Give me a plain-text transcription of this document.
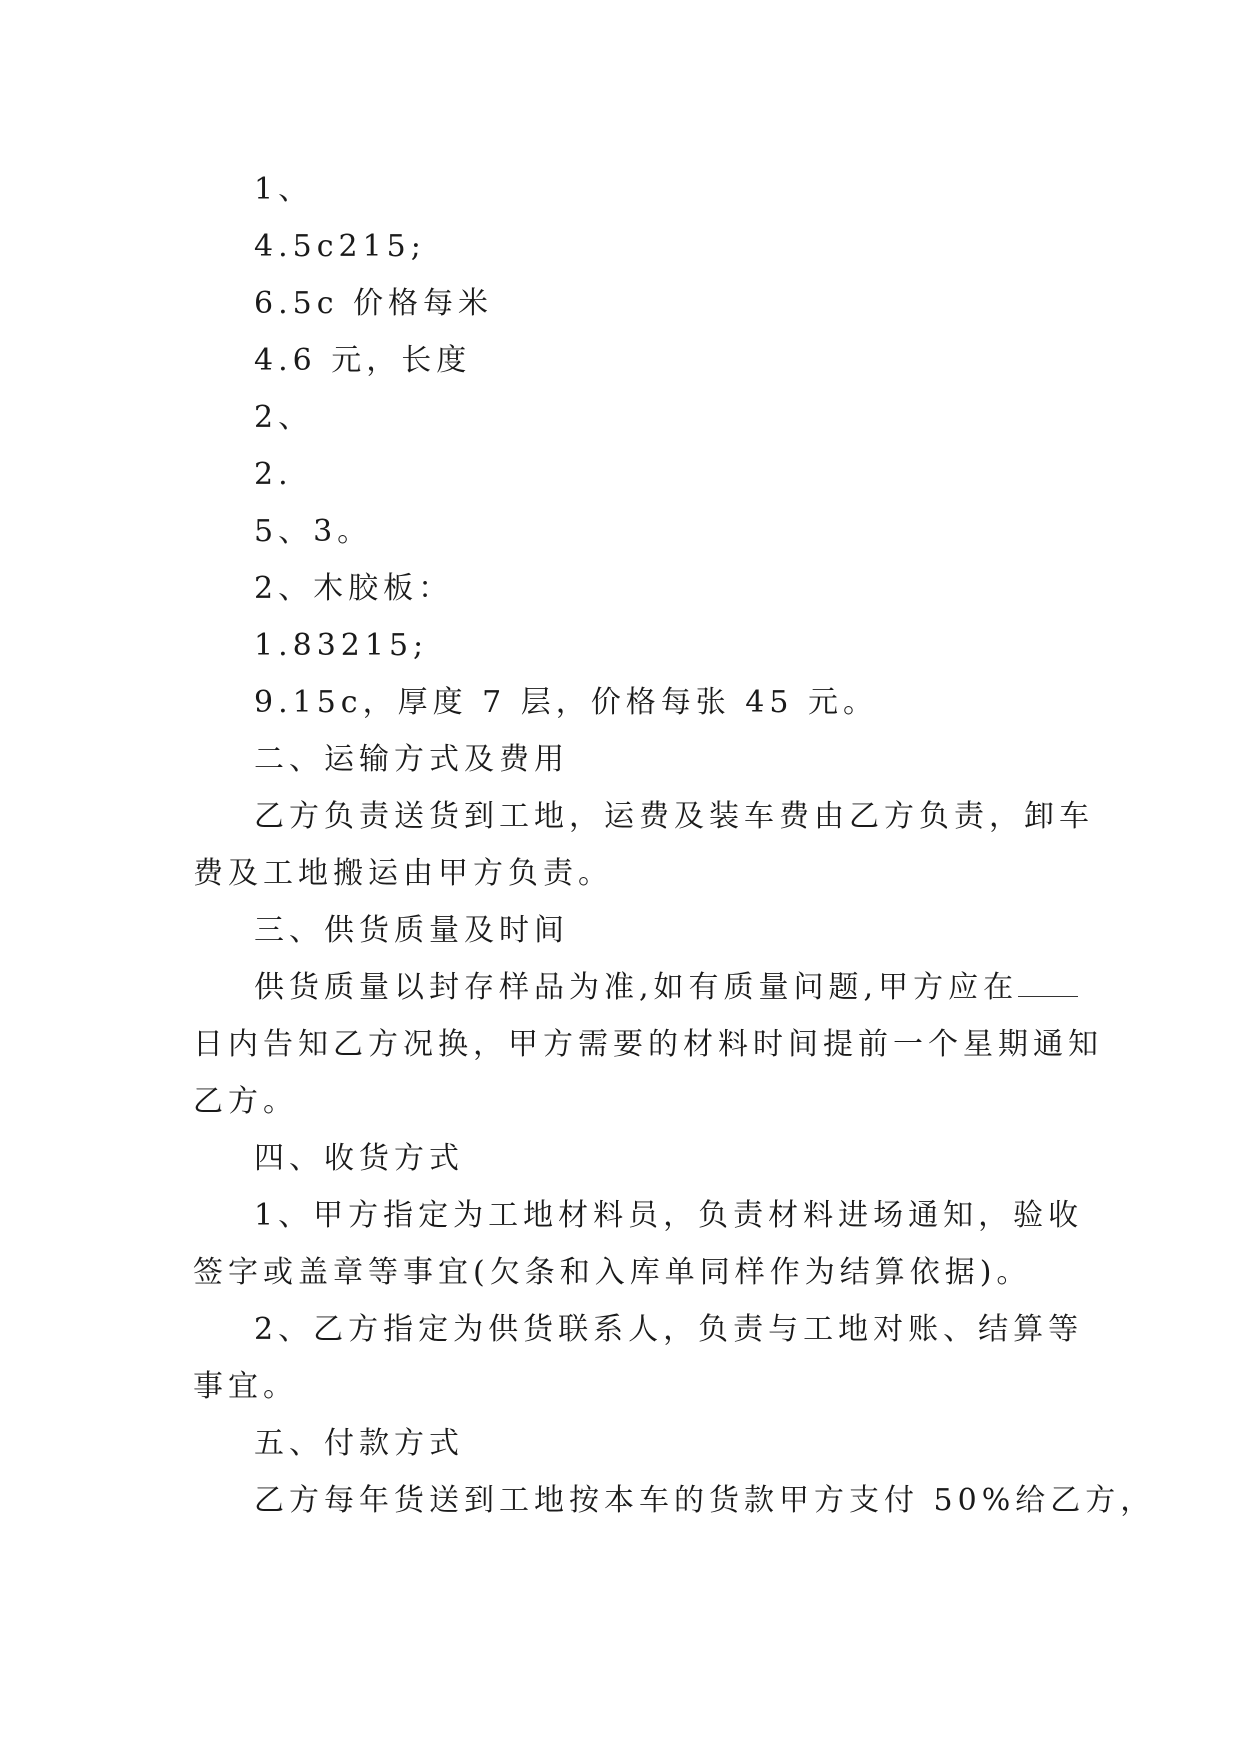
1、
4.5c215;
6.5c 价格每米
4.6 元，长度
2、
2.
5、3。
2、木胶板：
1.83215;
9.15c，厚度 7 层，价格每张 45 元。
二、运输方式及费用
乙方负责送货到工地，运费及装车费由乙方负责，卸车
费及工地搬运由甲方负责。
三、供货质量及时间
供货质量以封存样品为准,如有质量问题,甲方应在
日内告知乙方况换，甲方需要的材料时间提前一个星期通知
乙方。
四、收货方式
1、甲方指定为工地材料员，负责材料进场通知，验收
签字或盖章等事宜(欠条和入库单同样作为结算依据)。
2、乙方指定为供货联系人，负责与工地对账、结算等
事宜。
五、付款方式
乙方每年货送到工地按本车的货款甲方支付 50%给乙方，
